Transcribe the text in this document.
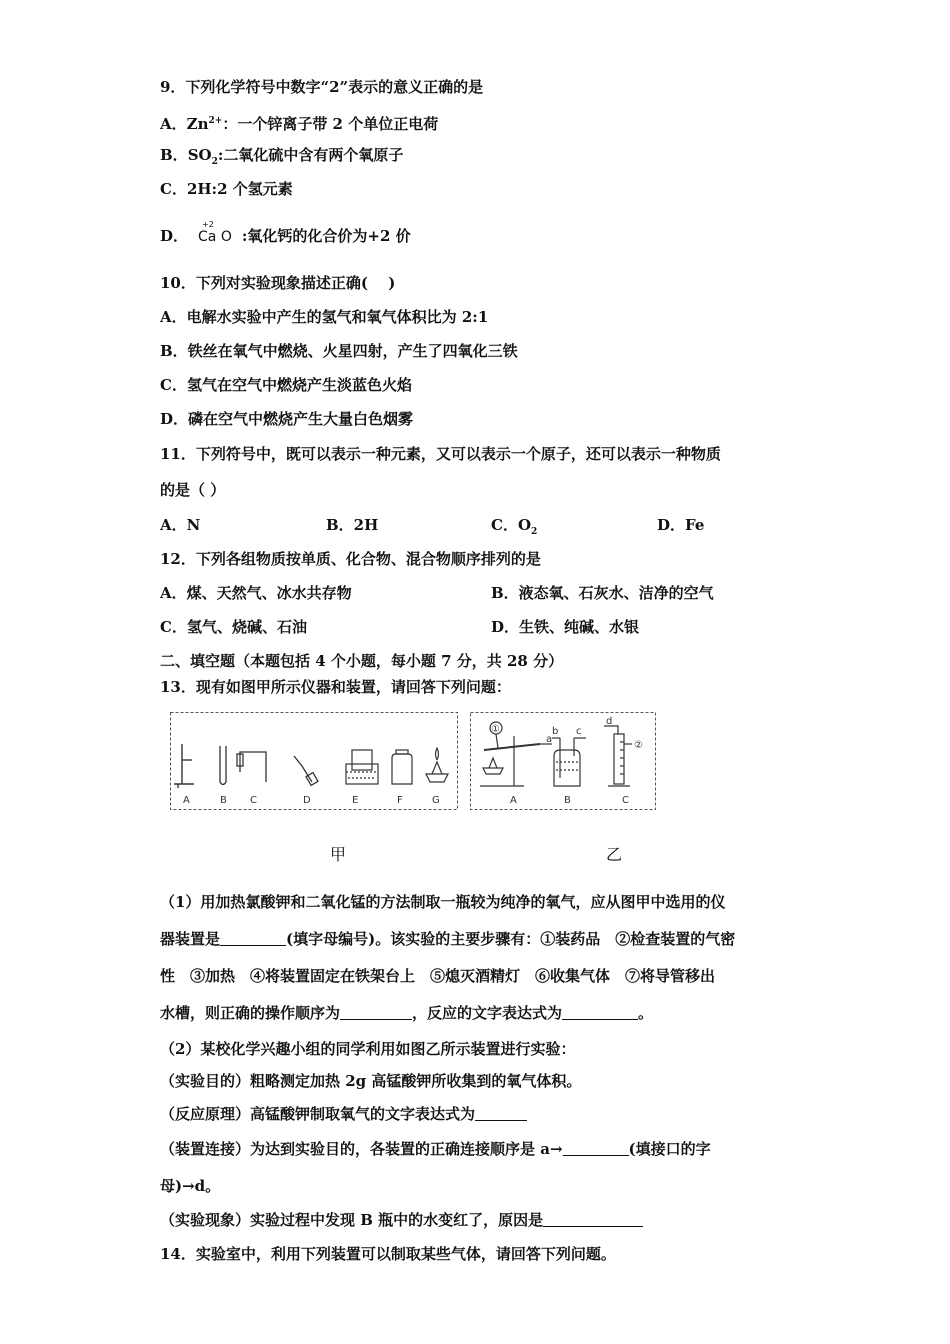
9．下列化学符号中数字“2”表示的意义正确的是
A．$Zn^{2+}$：一个锌离子带 2 个单位正电荷
B．$SO_2$:二氧化硫中含有两个氧原子
C．2H:2 个氢元素
D．
+2
Ca O :氧化钙的化合价为+2 价
10．下列对实验现象描述正确(　 )
A．电解水实验中产生的氢气和氧气体积比为 2:1
B．铁丝在氧气中燃烧、火星四射，产生了四氧化三铁
C．氢气在空气中燃烧产生淡蓝色火焰
D．磷在空气中燃烧产生大量白色烟雾
11．下列符号中，既可以表示一种元素，又可以表示一个原子，还可以表示一种物质
的是（ ）
A．N	B．2H	C．$O_2$	D．Fe
12．下列各组物质按单质、化合物、混合物顺序排列的是
A．煤、天然气、冰水共存物	B．液态氧、石灰水、洁净的空气
C．氢气、烧碱、石油	D．生铁、纯碱、水银
二、填空题（本题包括 4 个小题，每小题 7 分，共 28 分）
13．现有如图甲所示仪器和装置，请回答下列问题：
A	B C	D	E	F	G
①
a
b c
d
②
A	B	C
甲	乙
（1）用加热氯酸钾和二氧化锰的方法制取一瓶较为纯净的氧气，应从图甲中选用的仪
器装置是	(填字母编号)。该实验的主要步骤有：①装药品　②检查装置的气密
性　③加热　④将装置固定在铁架台上　⑤熄灭酒精灯　⑥收集气体　⑦将导管移出
水槽，则正确的操作顺序为	，反应的文字表达式为	。
（2）某校化学兴趣小组的同学利用如图乙所示装置进行实验：
（实验目的）粗略测定加热 2g 高锰酸钾所收集到的氧气体积。
（反应原理）高锰酸钾制取氧气的文字表达式为
（装置连接）为达到实验目的，各装置的正确连接顺序是 a→	(填接口的字
母)→d。
（实验现象）实验过程中发现 B 瓶中的水变红了，原因是
14．实验室中，利用下列装置可以制取某些气体，请回答下列问题。
